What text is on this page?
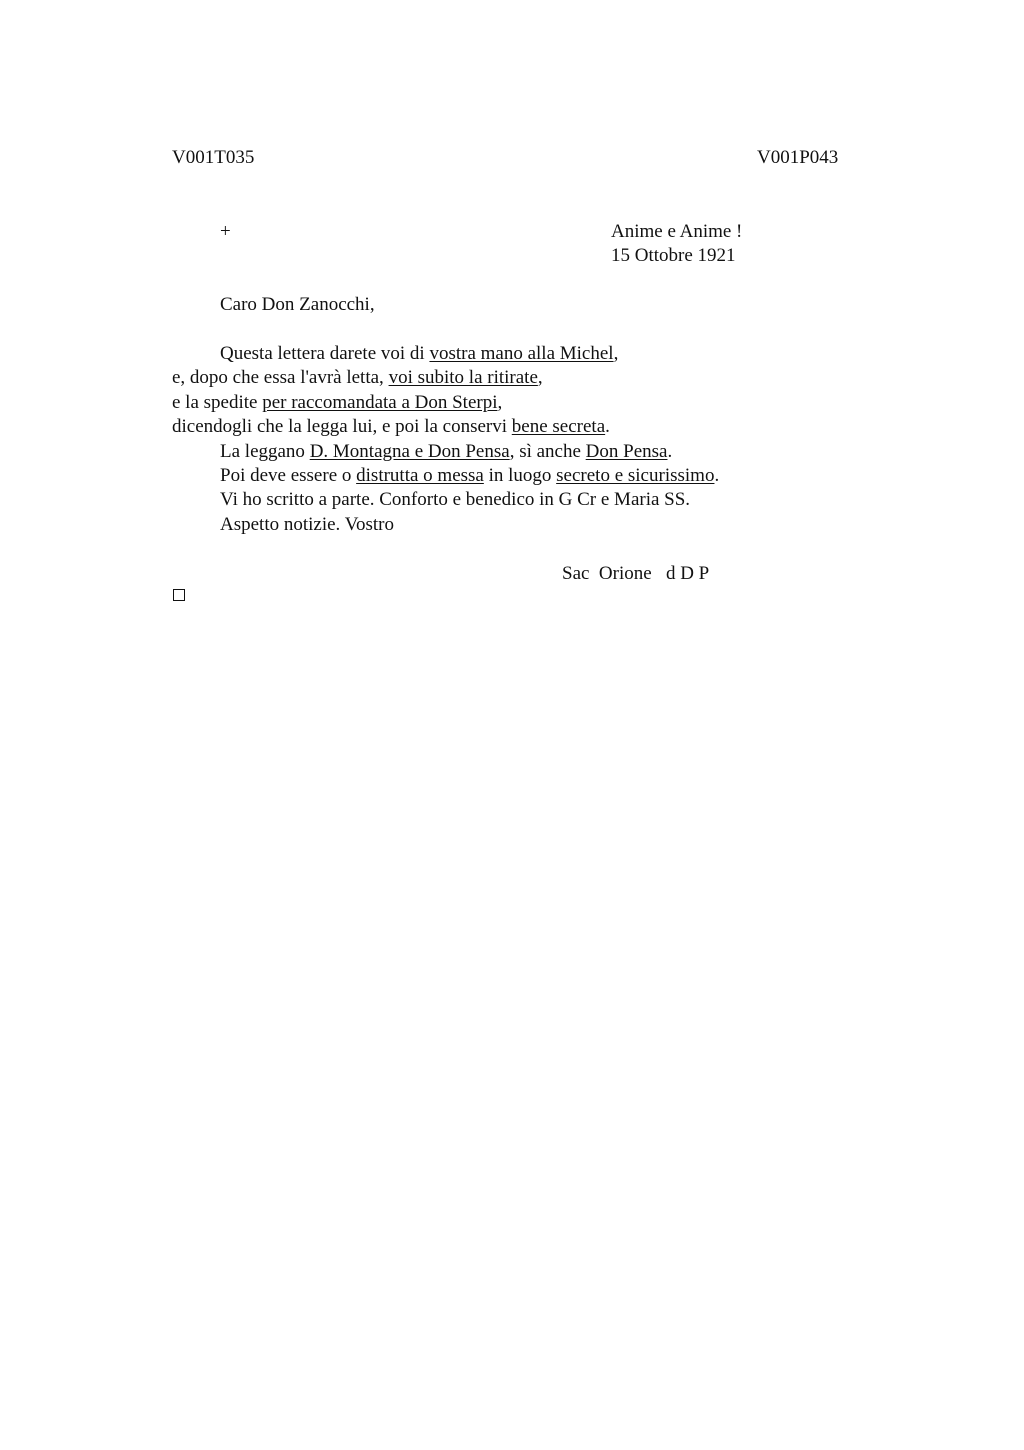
V001T035	V001P043
+	Anime e Anime !
15 Ottobre 1921
Caro Don Zanocchi,
Questa lettera darete voi di vostra mano alla Michel,
e, dopo che essa l'avrà letta, voi subito la ritirate,
e la spedite per raccomandata a Don Sterpi,
dicendogli che la legga lui, e poi la conservi bene secreta.
La leggano D. Montagna e Don Pensa, sì anche Don Pensa.
Poi deve essere o distrutta o messa in luogo secreto e sicurissimo.
Vi ho scritto a parte. Conforto e benedico in G Cr e Maria SS.
Aspetto notizie. Vostro
Sac  Orione   d D P
